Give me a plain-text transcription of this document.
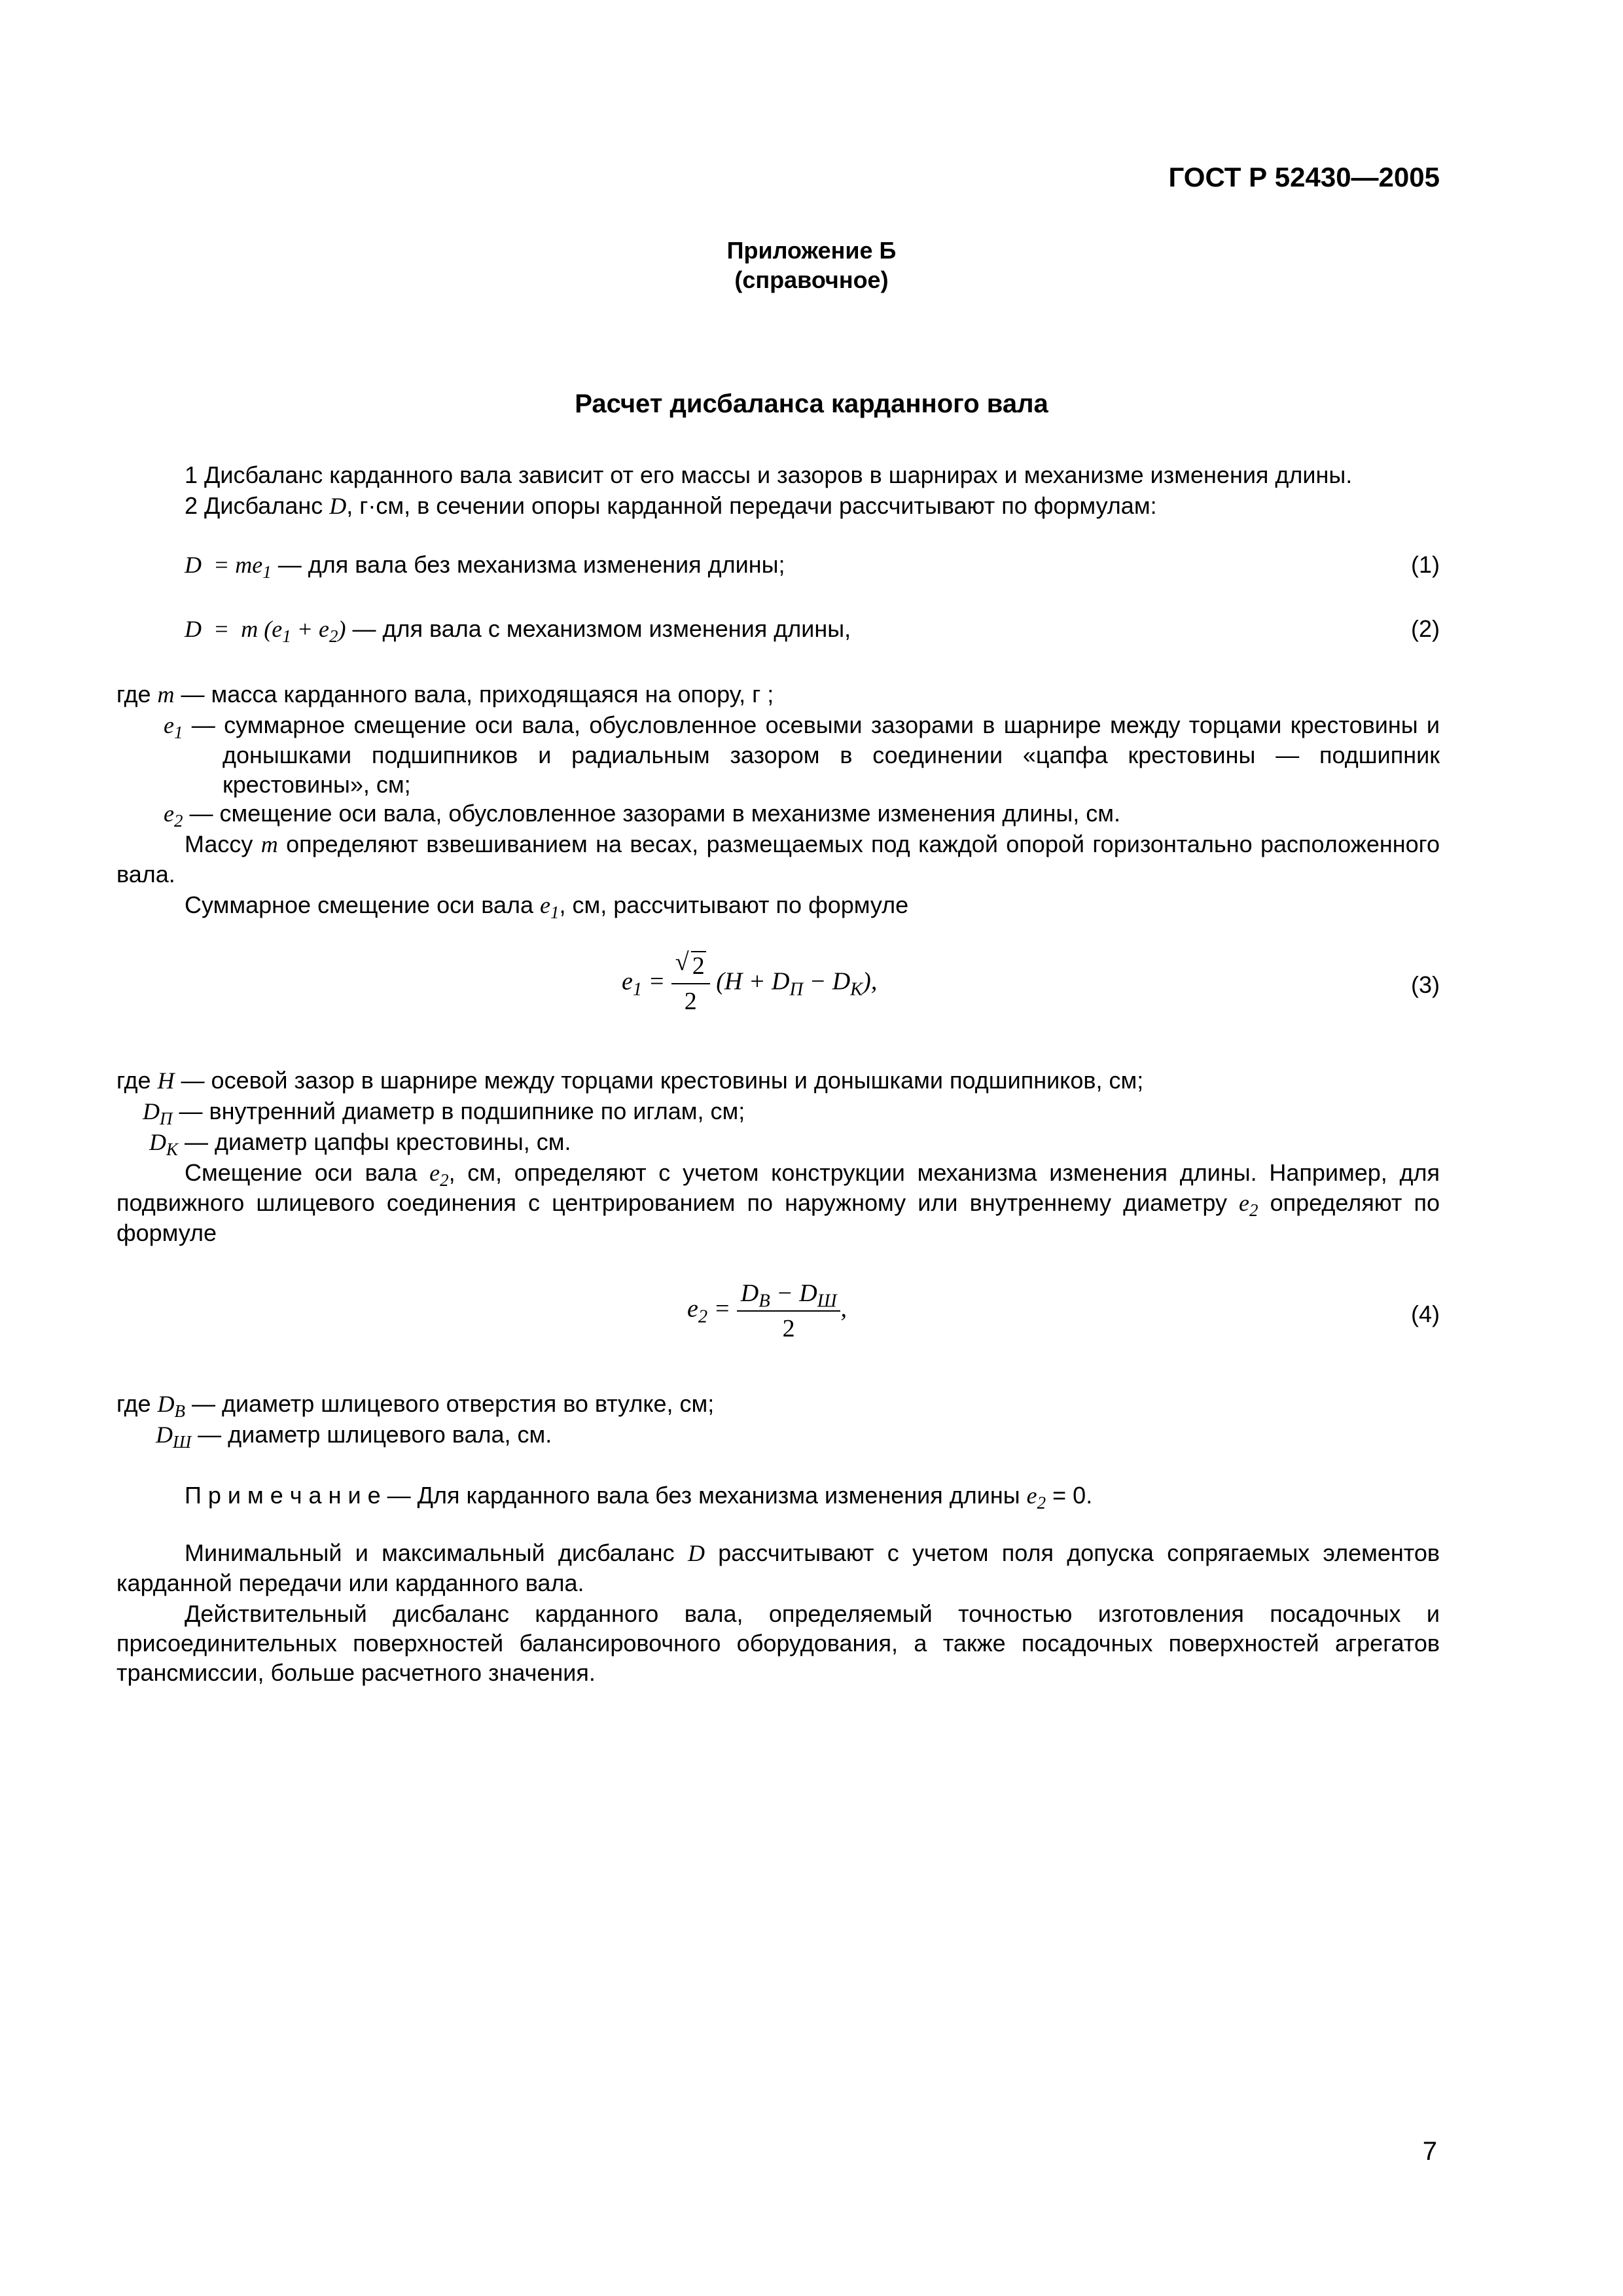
ГОСТ Р 52430—2005
Приложение Б
(справочное)
Расчет дисбаланса карданного вала
1 Дисбаланс карданного вала зависит от его массы и зазоров в шарнирах и механизме изменения длины.
2 Дисбаланс D, г·см, в сечении опоры карданной передачи рассчитывают по формулам:
$D = me_1$ — для вала без механизма изменения длины;	(1)
D  =  m $(e_1 + e_2)$ — для вала с механизмом изменения длины,	(2)
где m — масса карданного вала, приходящаяся на опору, г ;
$e_1$ — суммарное смещение оси вала, обусловленное осевыми зазорами в шарнире между торцами крестовины и донышками подшипников и радиальным зазором в соединении «цапфа крестовины — подшипник крестовины», см;
$e_2$ — смещение оси вала, обусловленное зазорами в механизме изменения длины, см.
Массу m определяют взвешиванием на весах, размещаемых под каждой опорой горизонтально расположенного вала.
Суммарное смещение оси вала $e_1$, см, рассчитывают по формуле
$e_1 = \frac{√ 2}{2} (H + D_П - D_K)$,	(3)
где H — осевой зазор в шарнире между торцами крестовины и донышками подшипников, см;
$D_П$ — внутренний диаметр в подшипнике по иглам, см;
$D_K$ — диаметр цапфы крестовины, см.
Смещение оси вала $e_2$, см, определяют с учетом конструкции механизма изменения длины. Например, для подвижного шлицевого соединения с центрированием по наружному или внутреннему диаметру $e_2$ определяют по формуле
$e_2 = \frac{D_B - D_Ш}{2}$ ,	(4)
где $D_B$ — диаметр шлицевого отверстия во втулке, см;
$D_Ш$ — диаметр шлицевого вала, см.
П р и м е ч а н и е — Для карданного вала без механизма изменения длины $e_2 = 0$.
Минимальный и максимальный дисбаланс D рассчитывают с учетом поля допуска сопрягаемых элементов карданной передачи или карданного вала.
Действительный дисбаланс карданного вала, определяемый точностью изготовления посадочных и присоединительных поверхностей балансировочного оборудования, а также посадочных поверхностей агрегатов трансмиссии, больше расчетного значения.
7
